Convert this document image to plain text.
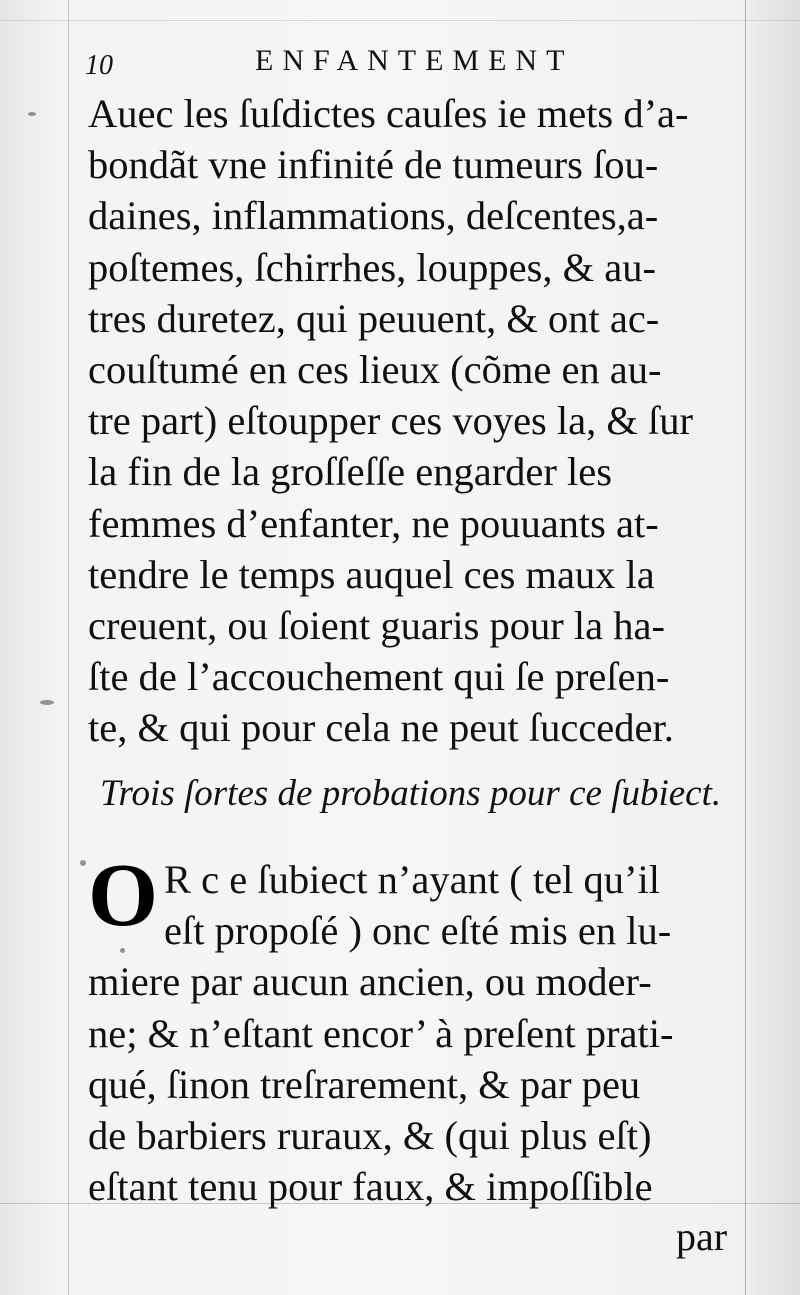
10	ENFANTEMENT
Auec les ſuſdictes cauſes ie mets d’a-
bondãt vne infinité de tumeurs ſou-
daines, inflammations, deſcentes,a-
poſtemes, ſchirrhes, louppes, & au-
tres duretez, qui peuuent, & ont ac-
couſtumé en ces lieux (cõme en au-
tre part) eſtoupper ces voyes la, & ſur
la fin de la groſſeſſe engarder les
femmes d’enfanter, ne pouuants at-
tendre le temps auquel ces maux la
creuent, ou ſoient guaris pour la ha-
ſte de l’accouchement qui ſe preſen-
te, & qui pour cela ne peut ſucceder.
Trois ſortes de probations pour ce ſubiect.
O R c e ſubiect n’ayant ( tel qu’il
eſt propoſé ) onc eſté mis en lu-
miere par aucun ancien, ou moder-
ne; & n’eſtant encor’ à preſent prati-
qué, ſinon treſrarement, & par peu
de barbiers ruraux, & (qui plus eſt)
eſtant tenu pour faux, & impoſſible
par
